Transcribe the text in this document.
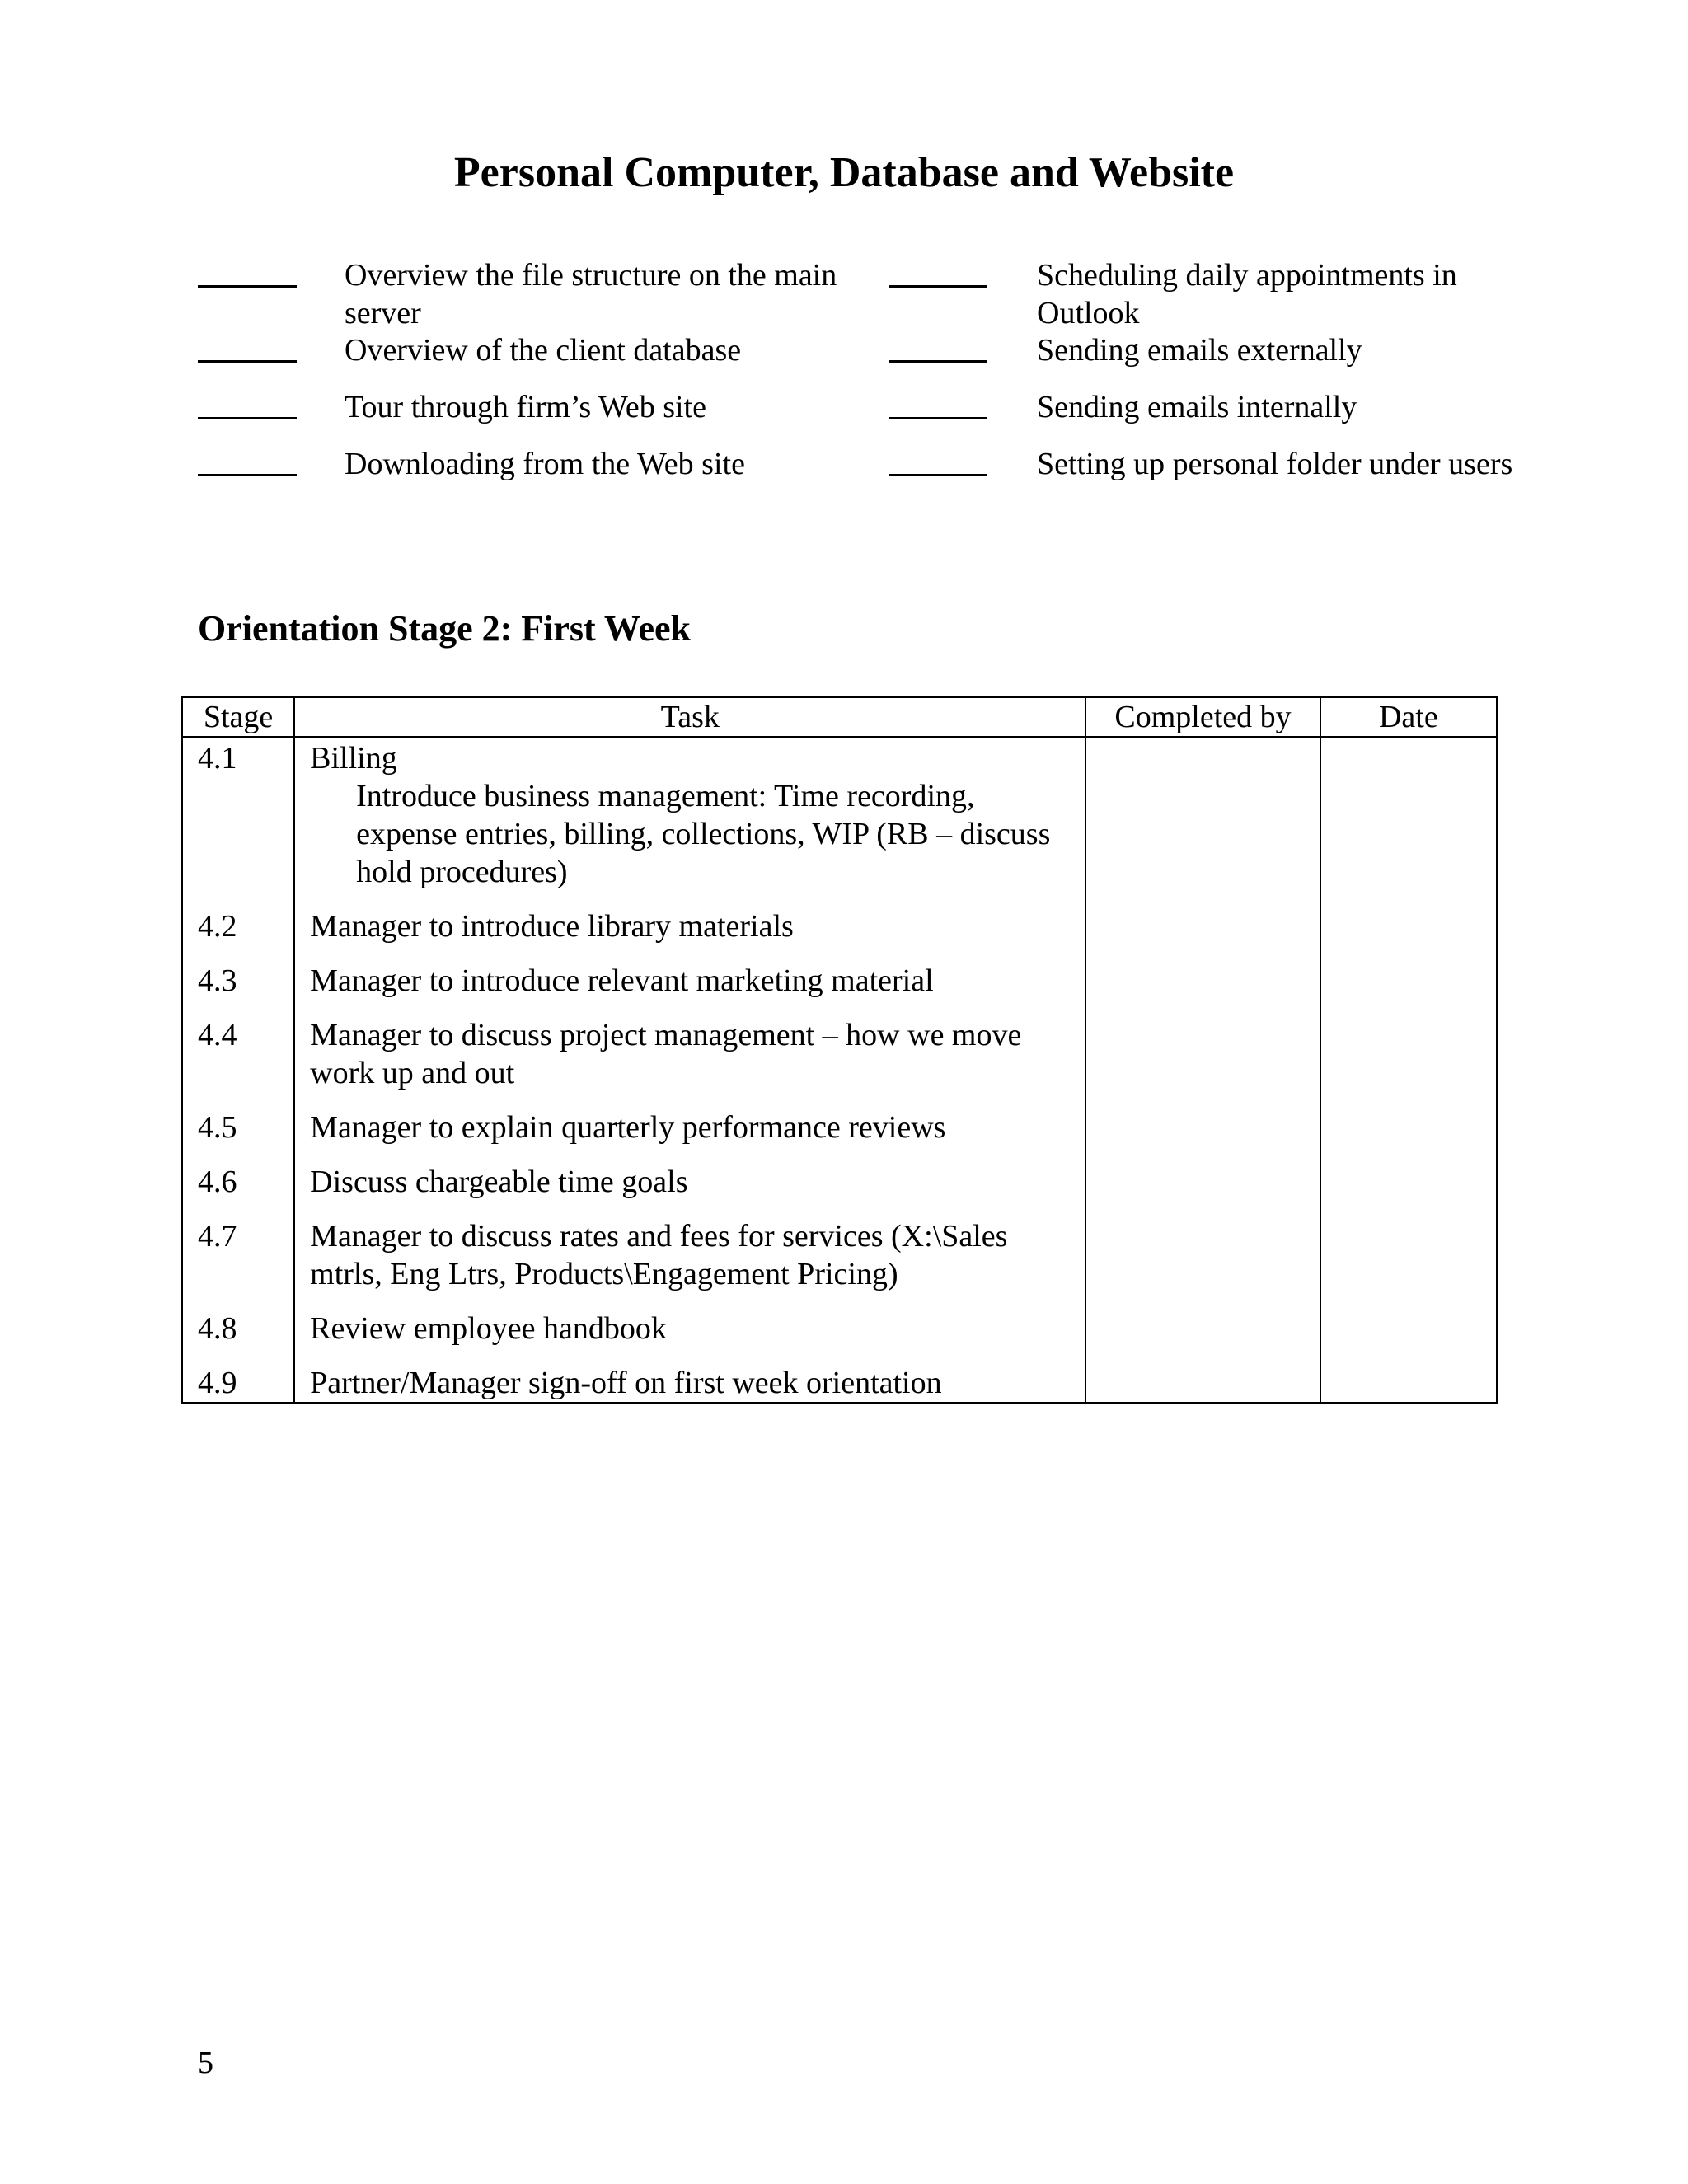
Personal Computer, Database and Website
Overview the file structure on the main server
Overview of the client database
Tour through firm’s Web site
Downloading from the Web site
Scheduling daily appointments in Outlook
Sending emails externally
Sending emails internally
Setting up personal folder under users
Orientation Stage 2: First Week
Stage	Task	Completed by	Date
4.1	Billing
Introduce business management: Time recording, expense entries, billing, collections, WIP (RB – discuss hold procedures)		

4.2	Manager to introduce library materials		
4.3	Manager to introduce relevant marketing material		
4.4	Manager to discuss project management – how we move work up and out		
4.5	Manager to explain quarterly performance reviews		
4.6	Discuss chargeable time goals		
4.7	Manager to discuss rates and fees for services (X:\Sales mtrls, Eng Ltrs, Products\Engagement Pricing)		
4.8	Review employee handbook		
4.9	Partner/Manager sign-off on first week orientation		
5
